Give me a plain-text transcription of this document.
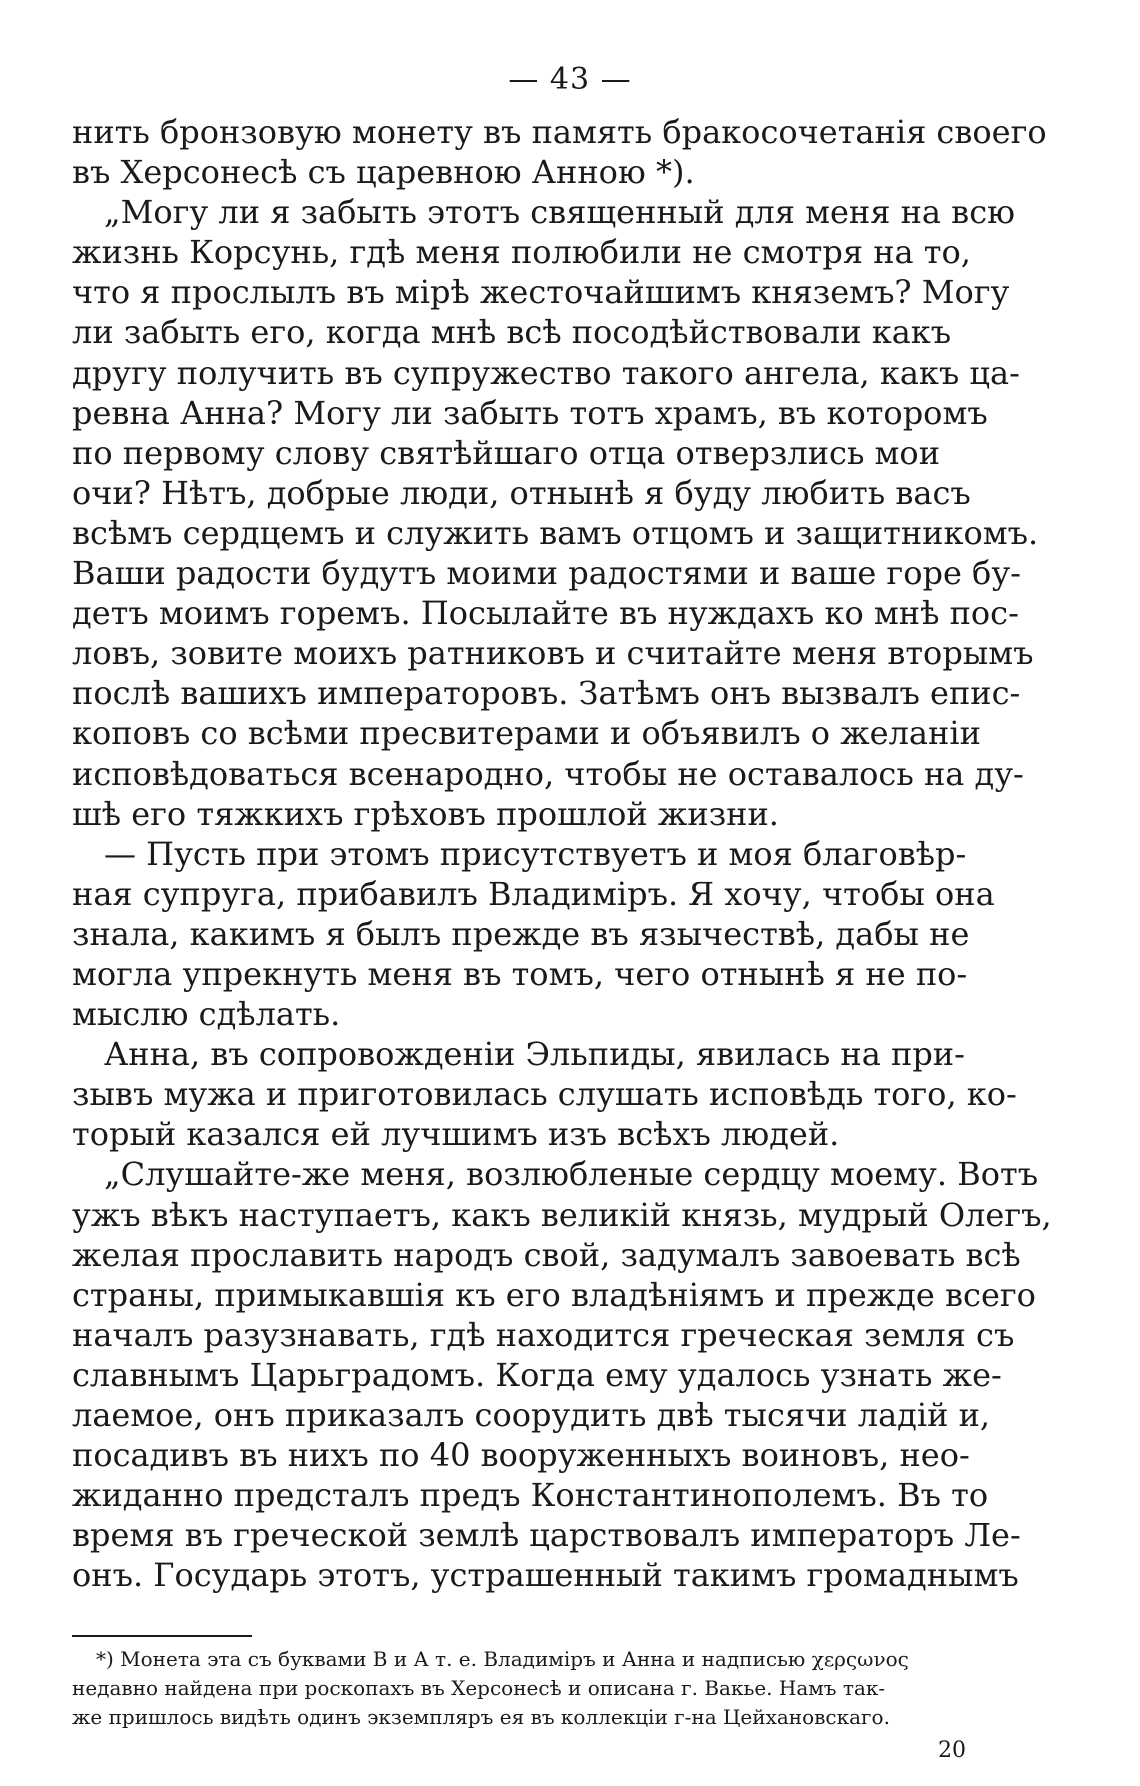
— 43 —
нить бронзовую монету въ память бракосочетанія своего
въ Херсонесѣ съ царевною Анною *).
„Могу ли я забыть этотъ священный для меня на всю
жизнь Корсунь, гдѣ меня полюбили не смотря на то,
что я прослылъ въ мірѣ жесточайшимъ княземъ? Могу
ли забыть его, когда мнѣ всѣ посодѣйствовали какъ
другу получить въ супружество такого ангела, какъ ца-
ревна Анна? Могу ли забыть тотъ храмъ, въ которомъ
по первому слову святѣйшаго отца отверзлись мои
очи? Нѣтъ, добрые люди, отнынѣ я буду любить васъ
всѣмъ сердцемъ и служить вамъ отцомъ и защитникомъ.
Ваши радости будутъ моими радостями и ваше горе бу-
детъ моимъ горемъ. Посылайте въ нуждахъ ко мнѣ пос-
ловъ, зовите моихъ ратниковъ и считайте меня вторымъ
послѣ вашихъ императоровъ. Затѣмъ онъ вызвалъ епис-
коповъ со всѣми пресвитерами и объявилъ о желаніи
исповѣдоваться всенародно, чтобы не оставалось на ду-
шѣ его тяжкихъ грѣховъ прошлой жизни.
— Пусть при этомъ присутствуетъ и моя благовѣр-
ная супруга, прибавилъ Владиміръ. Я хочу, чтобы она
знала, какимъ я былъ прежде въ язычествѣ, дабы не
могла упрекнуть меня въ томъ, чего отнынѣ я не по-
мыслю сдѣлать.
Анна, въ сопровожденіи Эльпиды, явилась на при-
зывъ мужа и приготовилась слушать исповѣдь того, ко-
торый казался ей лучшимъ изъ всѣхъ людей.
„Слушайте-же меня, возлюбленые сердцу моему. Вотъ
ужъ вѣкъ наступаетъ, какъ великій князь, мудрый Олегъ,
желая прославить народъ свой, задумалъ завоевать всѣ
страны, примыкавшія къ его владѣніямъ и прежде всего
началъ разузнавать, гдѣ находится греческая земля съ
славнымъ Царьградомъ. Когда ему удалось узнать же-
лаемое, онъ приказалъ соорудить двѣ тысячи ладій и,
посадивъ въ нихъ по 40 вооруженныхъ воиновъ, нео-
жиданно предсталъ предъ Константинополемъ. Въ то
время въ греческой землѣ царствовалъ императоръ Ле-
онъ. Государь этотъ, устрашенный такимъ громаднымъ
*) Монета эта съ буквами В и А т. е. Владиміръ и Анна и надписью χερςωνος
недавно найдена при роскопахъ въ Херсонесѣ и описана г. Вакье. Намъ так-
же пришлось видѣть одинъ экземпляръ ея въ коллекціи г-на Цейхановскаго.
20
